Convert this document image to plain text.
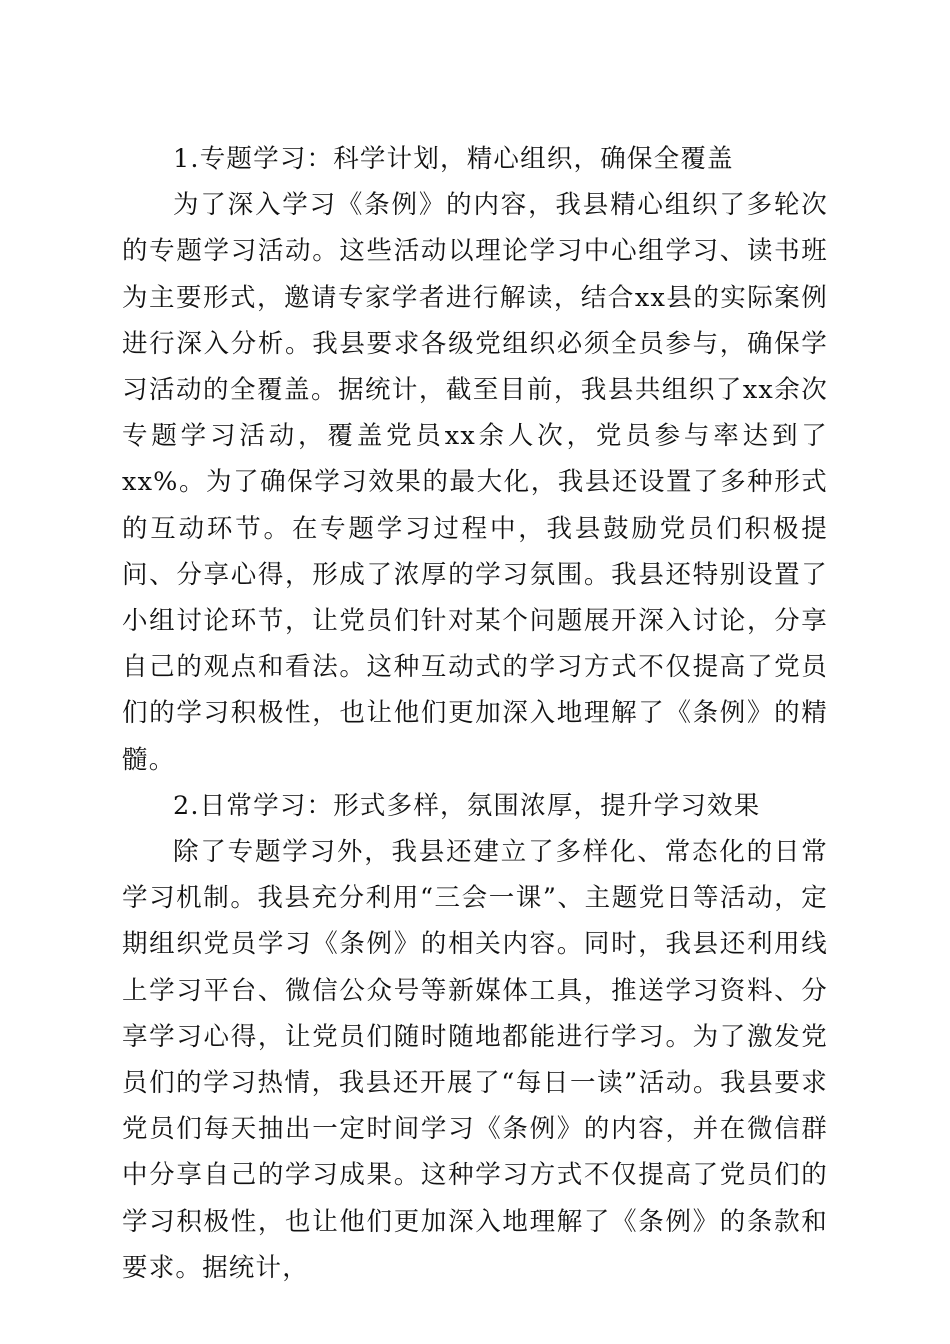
1.专题学习：科学计划，精心组织，确保全覆盖

为了深入学习《条例》的内容，我县精心组织了多轮次的专题学习活动。这些活动以理论学习中心组学习、读书班为主要形式，邀请专家学者进行解读，结合xx县的实际案例进行深入分析。我县要求各级党组织必须全员参与，确保学习活动的全覆盖。据统计，截至目前，我县共组织了xx余次专题学习活动，覆盖党员xx余人次，党员参与率达到了xx%。为了确保学习效果的最大化，我县还设置了多种形式的互动环节。在专题学习过程中，我县鼓励党员们积极提问、分享心得，形成了浓厚的学习氛围。我县还特别设置了小组讨论环节，让党员们针对某个问题展开深入讨论，分享自己的观点和看法。这种互动式的学习方式不仅提高了党员们的学习积极性，也让他们更加深入地理解了《条例》的精髓。

2.日常学习：形式多样，氛围浓厚，提升学习效果

除了专题学习外，我县还建立了多样化、常态化的日常学习机制。我县充分利用“三会一课”、主题党日等活动，定期组织党员学习《条例》的相关内容。同时，我县还利用线上学习平台、微信公众号等新媒体工具，推送学习资料、分享学习心得，让党员们随时随地都能进行学习。为了激发党员们的学习热情，我县还开展了“每日一读”活动。我县要求党员们每天抽出一定时间学习《条例》的内容，并在微信群中分享自己的学习成果。这种学习方式不仅提高了党员们的学习积极性，也让他们更加深入地理解了《条例》的条款和要求。据统计，
